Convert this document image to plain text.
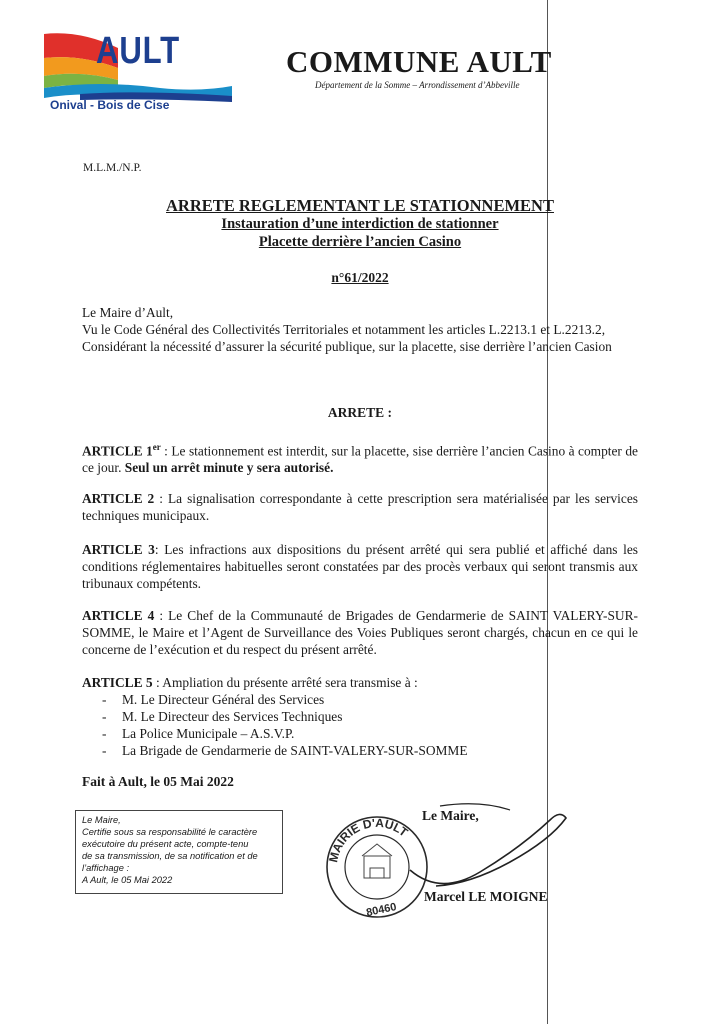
AULT
Onival - Bois de Cise
COMMUNE AULT
Département de la Somme – Arrondissement d’Abbeville
M.L.M./N.P.
ARRETE REGLEMENTANT LE STATIONNEMENT
Instauration d’une interdiction de stationner
Placette derrière l’ancien Casino
n°61/2022

Le Maire d’Ault,

Vu le Code Général des Collectivités Territoriales et notamment les articles L.2213.1 et L.2213.2,

Considérant la nécessité d’assurer la sécurité publique, sur la placette, sise derrière l’ancien Casion

ARRETE :

ARTICLE 1er : Le stationnement est interdit, sur la placette, sise derrière l’ancien Casino à compter de ce jour. Seul un arrêt minute y sera autorisé.

ARTICLE 2 : La signalisation correspondante à cette prescription sera matérialisée par les services techniques municipaux.

ARTICLE 3: Les infractions aux dispositions du présent arrêté qui sera publié et affiché dans les conditions réglementaires habituelles seront constatées par des procès verbaux qui seront transmis aux tribunaux compétents.

ARTICLE 4 : Le Chef de la Communauté de Brigades de Gendarmerie de SAINT VALERY-SUR-SOMME, le Maire et l’Agent de Surveillance des Voies Publiques seront chargés, chacun en ce qui le concerne de l’exécution et du respect du présent arrêté.

ARTICLE 5 : Ampliation du présente arrêté sera transmise à :

- M. Le Directeur Général des Services
- M. Le Directeur des Services Techniques
- La Police Municipale – A.S.V.P.
- La Brigade de Gendarmerie de SAINT-VALERY-SUR-SOMME
Fait à Ault, le 05 Mai 2022
Le Maire,
Certifie sous sa responsabilité le caractère
exécutoire du présent acte, compte-tenu
de sa transmission, de sa notification et de
l’affichage :
A Ault, le 05 Mai 2022
MAIRIE D'AULT
80460
Le Maire,
Marcel LE MOIGNE
